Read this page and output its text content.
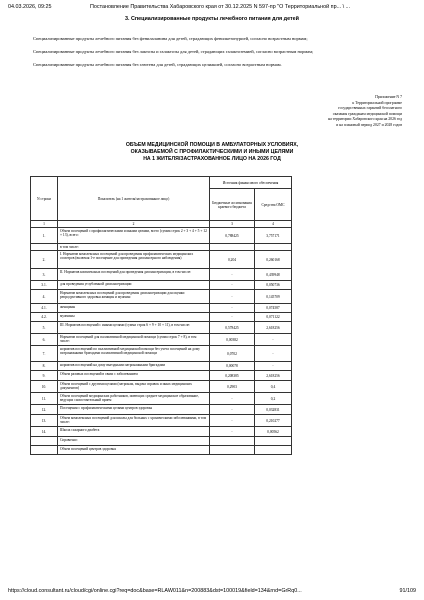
04.03.2026, 09:25	Постановление Правительства Хабаровского края от 30.12.2025 N 597-пр "О Территориальной пр... \ ...
3. Специализированные продукты лечебного питания для детей
Специализированные продукты лечебного питания без фенилаланина для детей, страдающих фенилкетонурией, согласно возрастным нормам;
Специализированные продукты лечебного питания без лактозы и галактозы для детей, страдающих галактоземией, согласно возрастным нормам;
Специализированные продукты лечебного питания без глютена для детей, страдающих целиакией, согласно возрастным нормам.
Приложение N 7
к Территориальной программе
государственных гарантий бесплатного
оказания гражданам медицинской помощи
на территории Хабаровского края на 2026 год
и на плановый период 2027 и 2028 годов
ОБЪЕМ МЕДИЦИНСКОЙ ПОМОЩИ В АМБУЛАТОРНЫХ УСЛОВИЯХ,
ОКАЗЫВАЕМОЙ С ПРОФИЛАКТИЧЕСКИМИ И ИНЫМИ ЦЕЛЯМИ
НА 1 ЖИТЕЛЯ/ЗАСТРАХОВАННОЕ ЛИЦО НА 2026 ГОД
N строки	Показатель (на 1 жителя/застрахованное лицо)	Источник финансового обеспечения	
		Бюджетные ассигнования краевого бюджета	Средства ОМС
1	2	3	4
1.	Объем посещений с профилактическими и иными целями, всего (сумма строк 2 + 3 + 4 + 5 + 12 + 13), всего:	0,788425	3,757171
	в том числе:		
2.	I. Норматив комплексных посещений для проведения профилактических медицинских осмотров (включая 1-е посещение для проведения диспансерного наблюдения)	0,204	0,260168
3.	II. Норматив комплексных посещений для проведения диспансеризации, в том числе:	-	0,439948
3.1.	для проведения углубленной диспансеризации	-	0,050736
4.	Норматив комплексных посещений для проведения диспансеризации для оценки репродуктивного здоровья женщин и мужчин:	-	0,145709
4.1.	женщины	-	0,074587
4.2.	мужчины	-	0,071122
5.	III. Норматив посещений с иными целями (сумма строк 6 + 9 + 10 + 11), в том числе:	0,578425	2,618256
6.	Норматив посещений для паллиативной медицинской помощи (сумма строк 7 + 8), в том числе:	0,00382	-
7.	норматив посещений по паллиативной медицинской помощи без учета посещений на дому патронажными бригадами паллиативной медицинской помощи	0,0702	-
8.	норматив посещений на дому выездными патронажными бригадами	0,00078	-
9.	Объем разовых посещений в связи с заболеванием	0,208385	2,618256
10.	Объем посещений с другими целями (патронаж, выдача справок и иных медицинских документов)	0,2903	0,4
11.	Объем посещений медицинских работников, имеющих среднее медицинское образование, ведущих самостоятельный прием	-	0,2
12.	Посещения с профилактическими целями центров здоровья	-	0,032831
13.	Объем комплексных посещений для школы для больных с хроническими заболеваниями, в том числе:	-	0,210277
14.	Школа сахарного диабета	-	0,00562
	Справочно:		
	Объем посещений центров здоровья		
https://cloud.consultant.ru/cloud/cgi/online.cgi?req=doc&base=RLAW011&n=200883&dst=100019&field=134&rnd=GrRq0...	91/109
